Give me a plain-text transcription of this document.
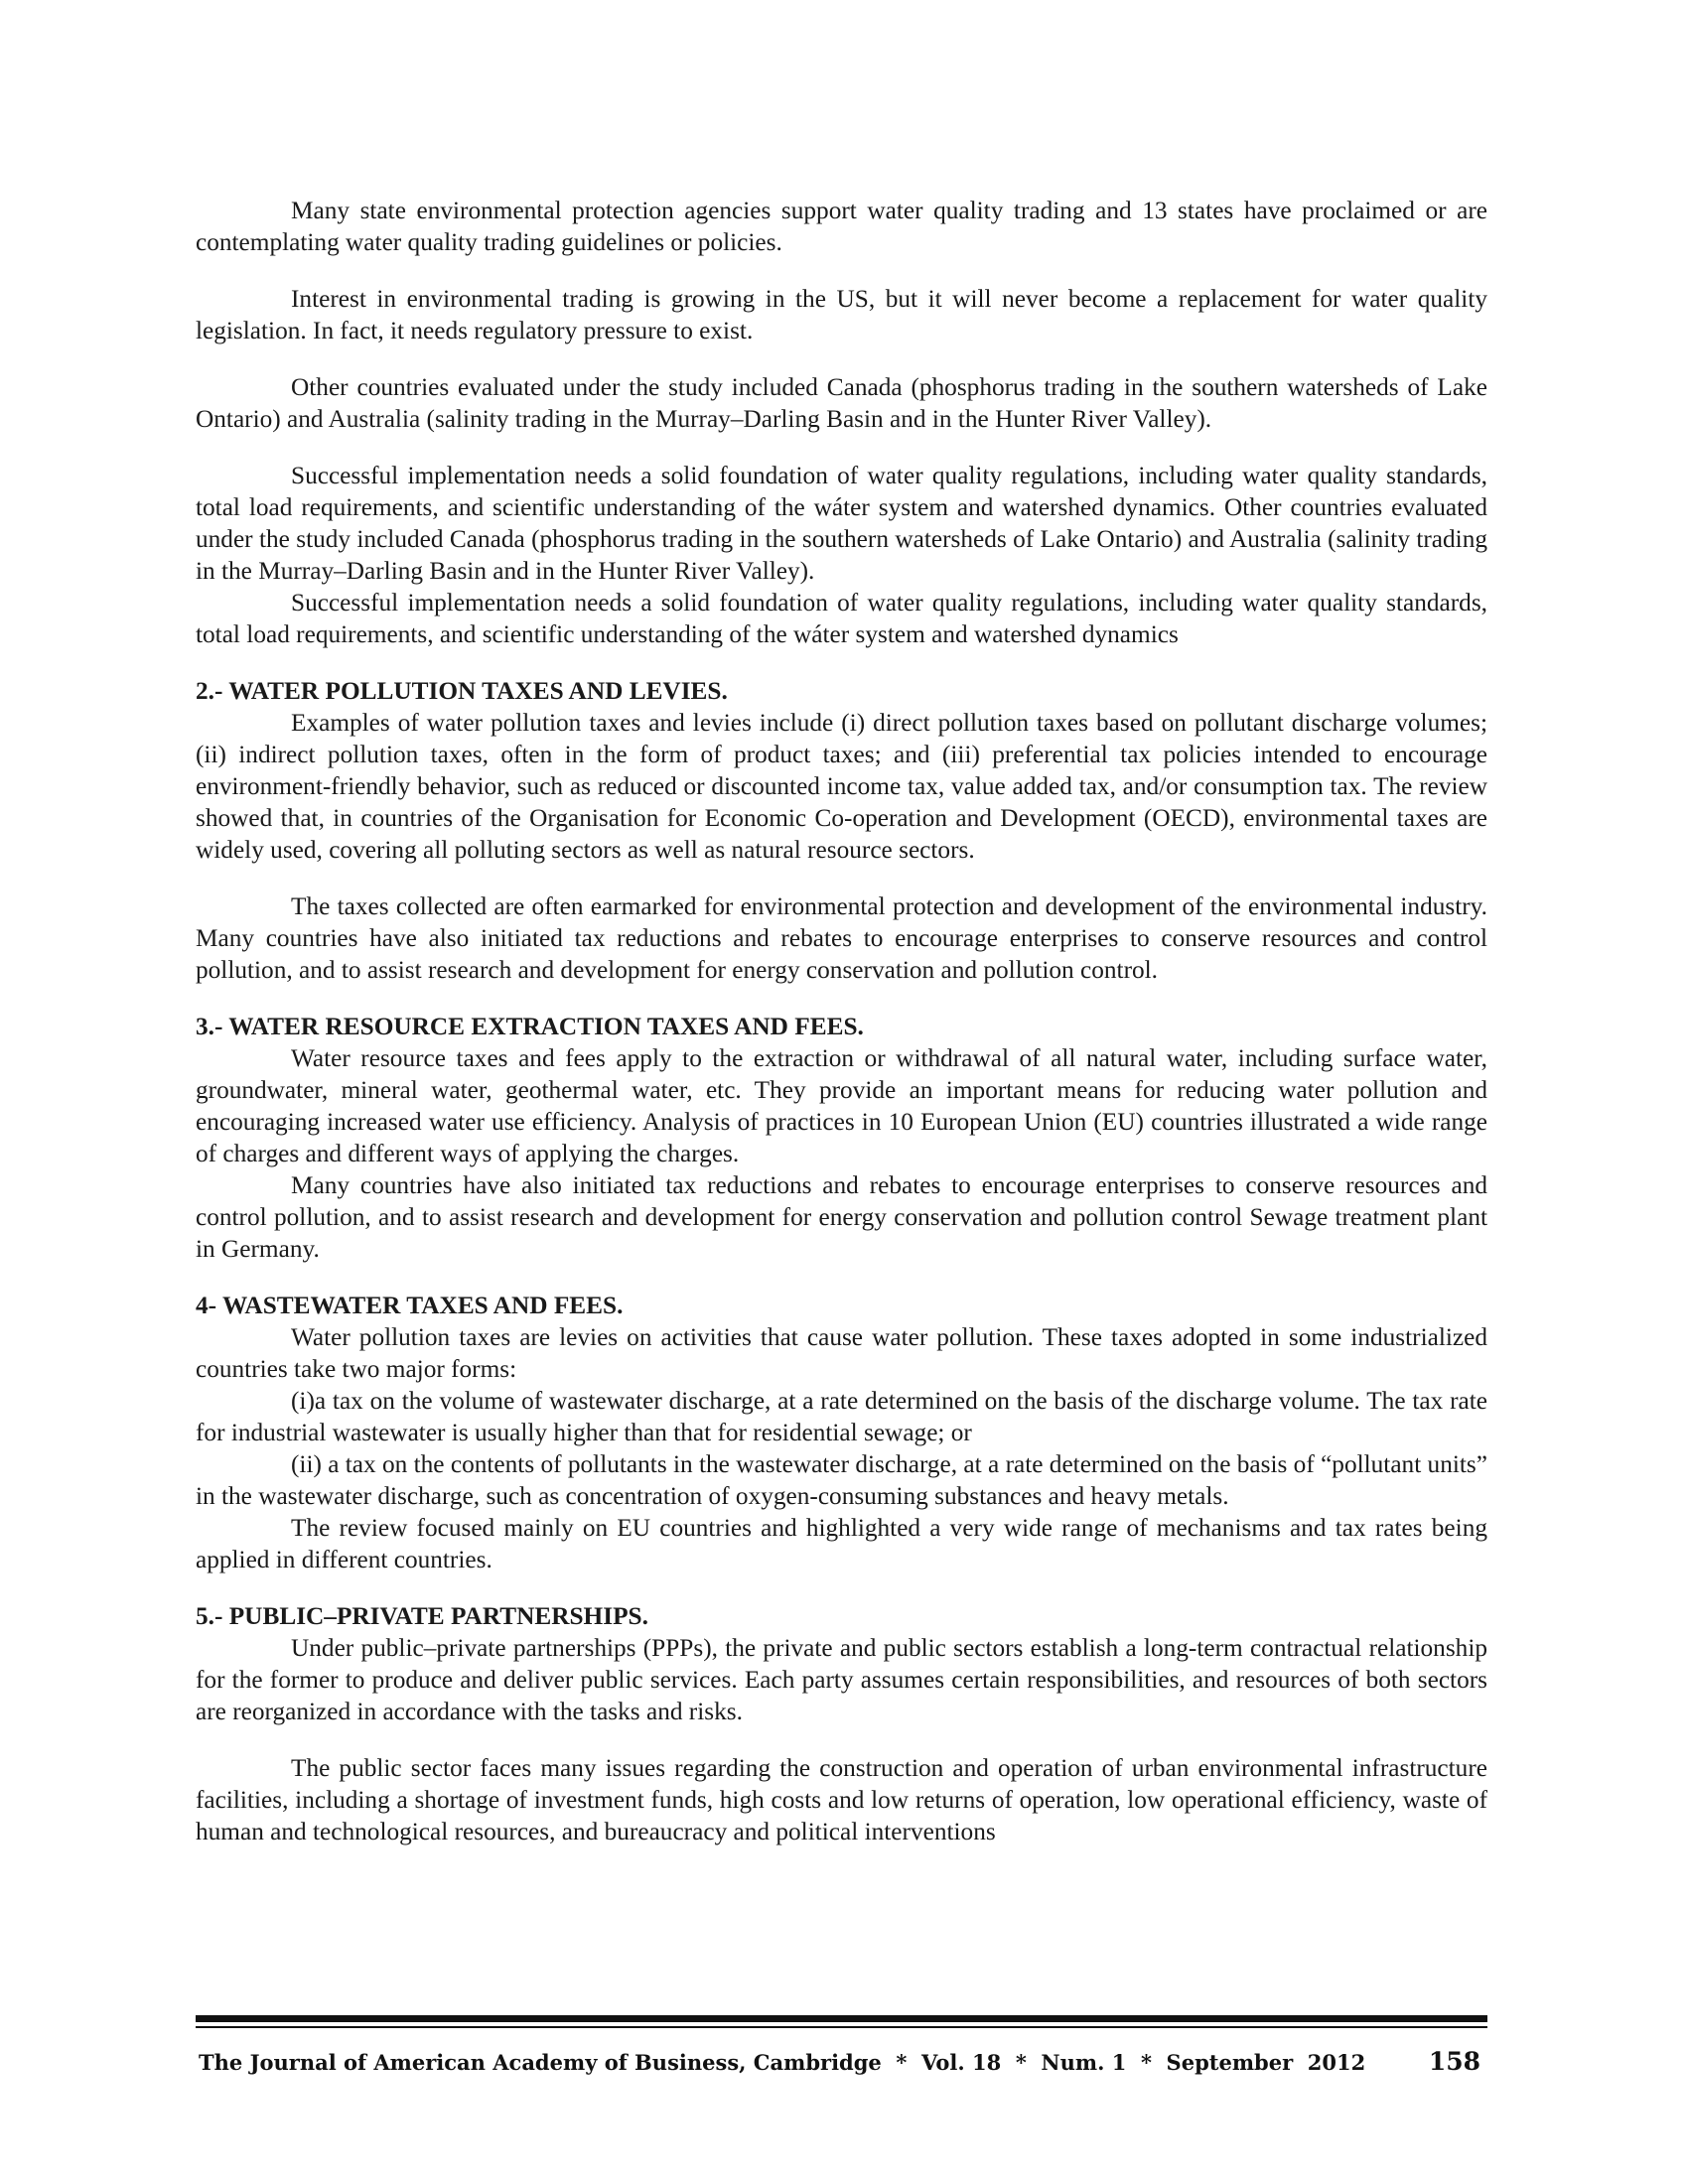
Many state environmental protection agencies support water quality trading and 13 states have proclaimed or are contemplating water quality trading guidelines or policies.

Interest in environmental trading is growing in the US, but it will never become a replacement for water quality legislation. In fact, it needs regulatory pressure to exist.

Other countries evaluated under the study included Canada (phosphorus trading in the southern watersheds of Lake Ontario) and Australia (salinity trading in the Murray–Darling Basin and in the Hunter River Valley).

Successful implementation needs a solid foundation of water quality regulations, including water quality standards, total load requirements, and scientific understanding of the wáter system and watershed dynamics. Other countries evaluated under the study included Canada (phosphorus trading in the southern watersheds of Lake Ontario) and Australia (salinity trading in the Murray–Darling Basin and in the Hunter River Valley).

Successful implementation needs a solid foundation of water quality regulations, including water quality standards, total load requirements, and scientific understanding of the wáter system and watershed dynamics

2.- WATER POLLUTION TAXES AND LEVIES.

Examples of water pollution taxes and levies include (i) direct pollution taxes based on pollutant discharge volumes; (ii) indirect pollution taxes, often in the form of product taxes; and (iii) preferential tax policies intended to encourage environment-friendly behavior, such as reduced or discounted income tax, value added tax, and/or consumption tax. The review showed that, in countries of the Organisation for Economic Co-operation and Development (OECD), environmental taxes are widely used, covering all polluting sectors as well as natural resource sectors.

The taxes collected are often earmarked for environmental protection and development of the environmental industry. Many countries have also initiated tax reductions and rebates to encourage enterprises to conserve resources and control pollution, and to assist research and development for energy conservation and pollution control.

3.- WATER RESOURCE EXTRACTION TAXES AND FEES.

Water resource taxes and fees apply to the extraction or withdrawal of all natural water, including surface water, groundwater, mineral water, geothermal water, etc. They provide an important means for reducing water pollution and encouraging increased water use efficiency. Analysis of practices in 10 European Union (EU) countries illustrated a wide range of charges and different ways of applying the charges.

Many countries have also initiated tax reductions and rebates to encourage enterprises to conserve resources and control pollution, and to assist research and development for energy conservation and pollution control Sewage treatment plant in Germany.

4- WASTEWATER TAXES AND FEES.

Water pollution taxes are levies on activities that cause water pollution. These taxes adopted in some industrialized countries take two major forms:

(i)a tax on the volume of wastewater discharge, at a rate determined on the basis of the discharge volume. The tax rate for industrial wastewater is usually higher than that for residential sewage; or

(ii) a tax on the contents of pollutants in the wastewater discharge, at a rate determined on the basis of “pollutant units” in the wastewater discharge, such as concentration of oxygen-consuming substances and heavy metals.

The review focused mainly on EU countries and highlighted a very wide range of mechanisms and tax rates being applied in different countries.

5.- PUBLIC–PRIVATE PARTNERSHIPS.

Under public–private partnerships (PPPs), the private and public sectors establish a long-term contractual relationship for the former to produce and deliver public services. Each party assumes certain responsibilities, and resources of both sectors are reorganized in accordance with the tasks and risks.

The public sector faces many issues regarding the construction and operation of urban environmental infrastructure facilities, including a shortage of investment funds, high costs and low returns of operation, low operational efficiency, waste of human and technological resources, and bureaucracy and political interventions

The Journal of American Academy of Business, Cambridge  *  Vol. 18  *  Num. 1  *  September  2012	158
